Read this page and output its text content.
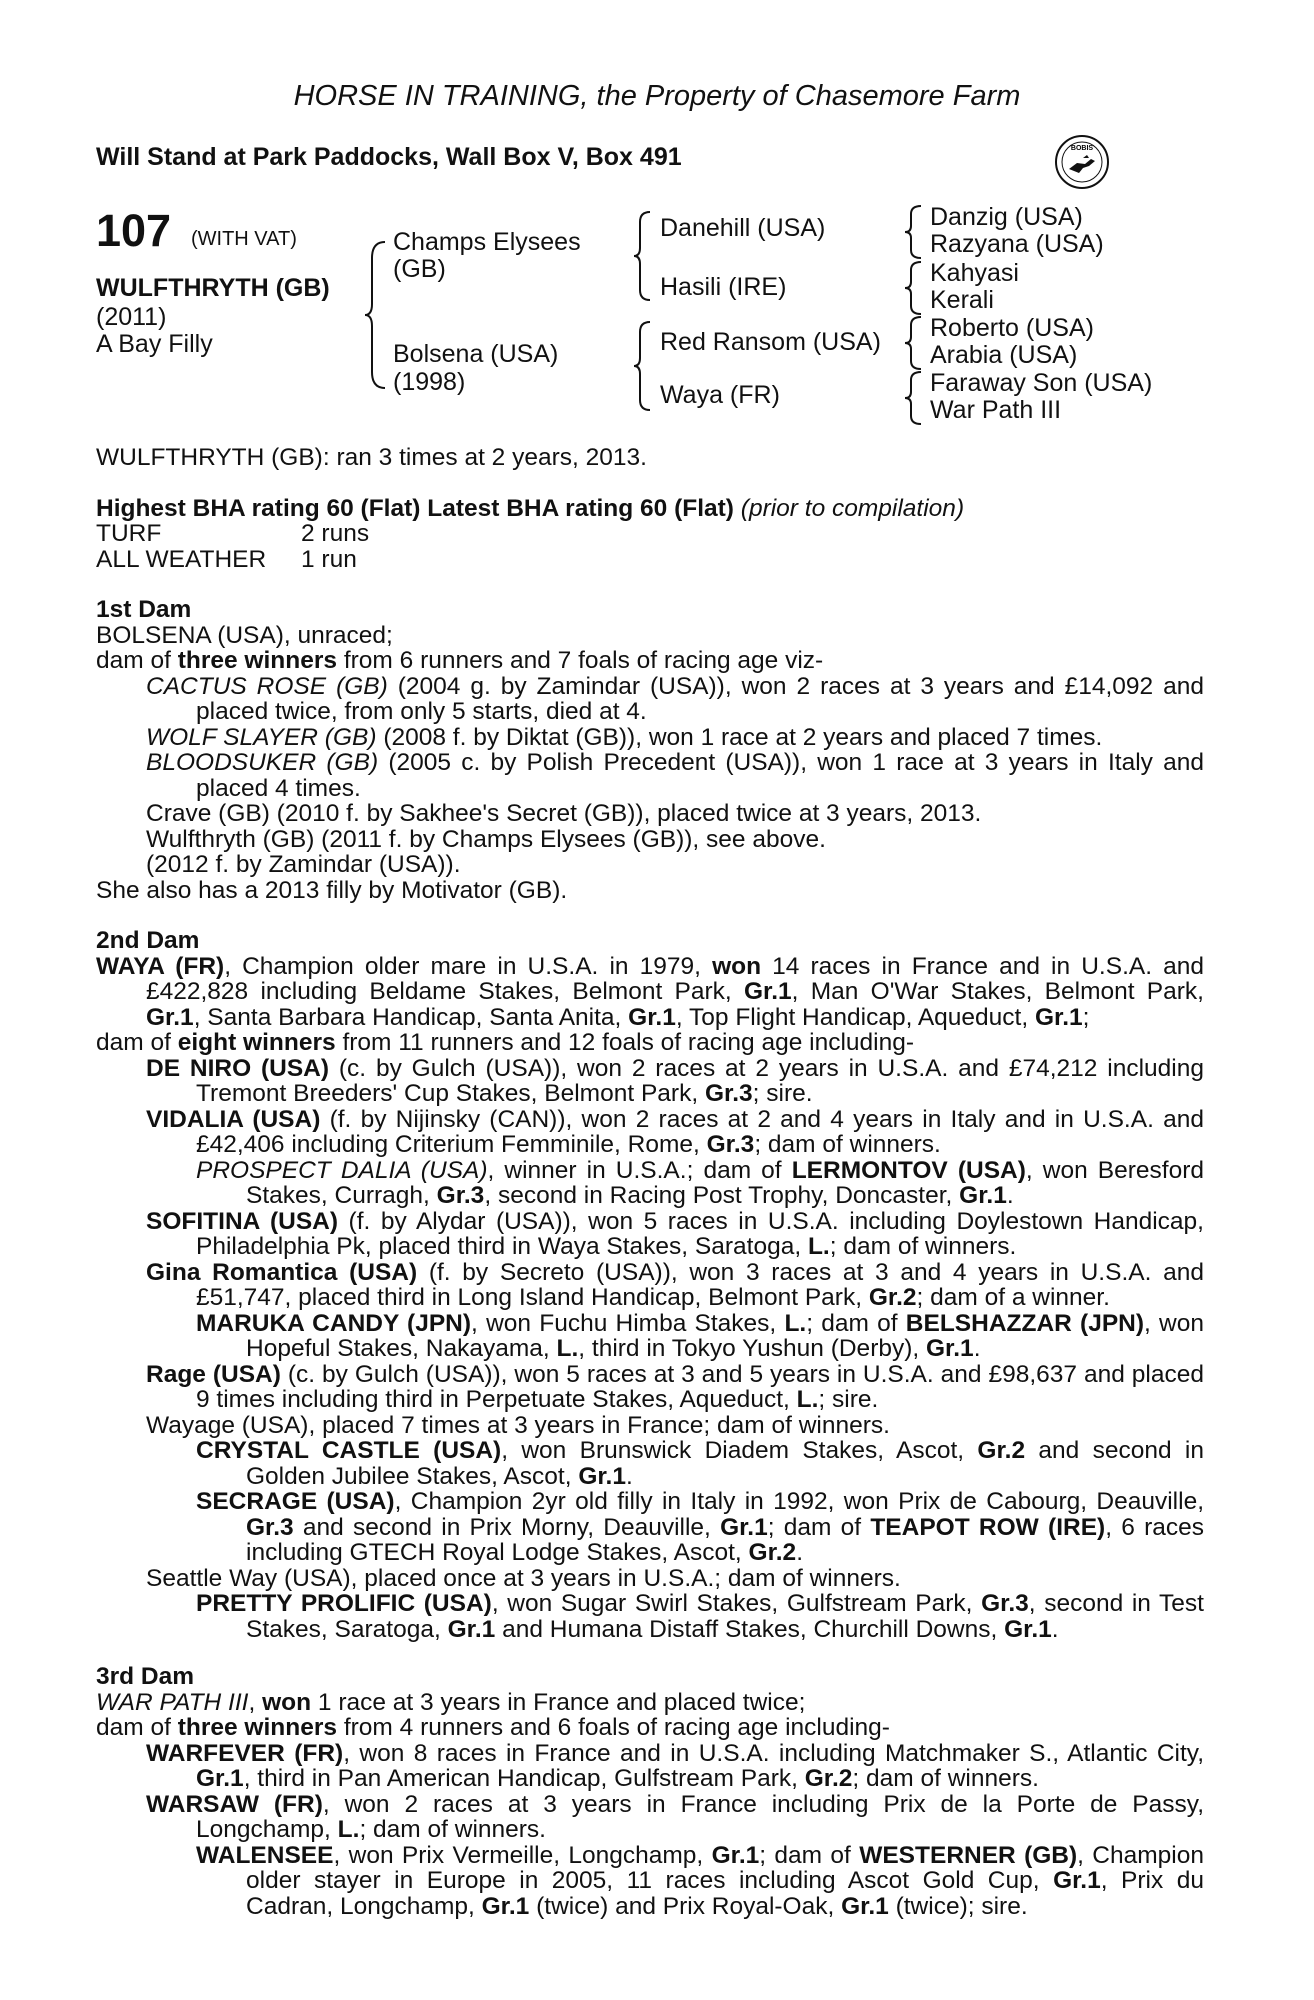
HORSE IN TRAINING, the Property of Chasemore Farm
Will Stand at Park Paddocks, Wall Box V, Box 491	BOBIS
107 (WITH VAT)
WULFTHRYTH (GB)
(2011)
A Bay Filly
Champs Elysees
(GB)
Bolsena (USA)
(1998)
Danehill (USA)
Hasili (IRE)
Red Ransom (USA)
Waya (FR)
Danzig (USA)
Razyana (USA)
Kahyasi
Kerali
Roberto (USA)
Arabia (USA)
Faraway Son (USA)
War Path III

WULFTHRYTH (GB): ran 3 times at 2 years, 2013.

Highest BHA rating 60 (Flat) Latest BHA rating 60 (Flat) (prior to compilation)

TURF	2 runs

ALL WEATHER 1 run

1st Dam

BOLSENA (USA), unraced;

dam of three winners from 6 runners and 7 foals of racing age viz-

CACTUS ROSE (GB) (2004 g. by Zamindar (USA)), won 2 races at 3 years and £14,092 and placed twice, from only 5 starts, died at 4.

WOLF SLAYER (GB) (2008 f. by Diktat (GB)), won 1 race at 2 years and placed 7 times.

BLOODSUKER (GB) (2005 c. by Polish Precedent (USA)), won 1 race at 3 years in Italy and placed 4 times.

Crave (GB) (2010 f. by Sakhee's Secret (GB)), placed twice at 3 years, 2013.

Wulfthryth (GB) (2011 f. by Champs Elysees (GB)), see above.

(2012 f. by Zamindar (USA)).

She also has a 2013 filly by Motivator (GB).

2nd Dam

WAYA (FR), Champion older mare in U.S.A. in 1979, won 14 races in France and in U.S.A. and £422,828 including Beldame Stakes, Belmont Park, Gr.1, Man O'War Stakes, Belmont Park, Gr.1, Santa Barbara Handicap, Santa Anita, Gr.1, Top Flight Handicap, Aqueduct, Gr.1;

dam of eight winners from 11 runners and 12 foals of racing age including-

DE NIRO (USA) (c. by Gulch (USA)), won 2 races at 2 years in U.S.A. and £74,212 including Tremont Breeders' Cup Stakes, Belmont Park, Gr.3; sire.

VIDALIA (USA) (f. by Nijinsky (CAN)), won 2 races at 2 and 4 years in Italy and in U.S.A. and £42,406 including Criterium Femminile, Rome, Gr.3; dam of winners.

PROSPECT DALIA (USA), winner in U.S.A.; dam of LERMONTOV (USA), won Beresford Stakes, Curragh, Gr.3, second in Racing Post Trophy, Doncaster, Gr.1.

SOFITINA (USA) (f. by Alydar (USA)), won 5 races in U.S.A. including Doylestown Handicap, Philadelphia Pk, placed third in Waya Stakes, Saratoga, L.; dam of winners.

Gina Romantica (USA) (f. by Secreto (USA)), won 3 races at 3 and 4 years in U.S.A. and £51,747, placed third in Long Island Handicap, Belmont Park, Gr.2; dam of a winner.

MARUKA CANDY (JPN), won Fuchu Himba Stakes, L.; dam of BELSHAZZAR (JPN), won Hopeful Stakes, Nakayama, L., third in Tokyo Yushun (Derby), Gr.1.

Rage (USA) (c. by Gulch (USA)), won 5 races at 3 and 5 years in U.S.A. and £98,637 and placed 9 times including third in Perpetuate Stakes, Aqueduct, L.; sire.

Wayage (USA), placed 7 times at 3 years in France; dam of winners.

CRYSTAL CASTLE (USA), won Brunswick Diadem Stakes, Ascot, Gr.2 and second in Golden Jubilee Stakes, Ascot, Gr.1.

SECRAGE (USA), Champion 2yr old filly in Italy in 1992, won Prix de Cabourg, Deauville, Gr.3 and second in Prix Morny, Deauville, Gr.1; dam of TEAPOT ROW (IRE), 6 races including GTECH Royal Lodge Stakes, Ascot, Gr.2.

Seattle Way (USA), placed once at 3 years in U.S.A.; dam of winners.

PRETTY PROLIFIC (USA), won Sugar Swirl Stakes, Gulfstream Park, Gr.3, second in Test Stakes, Saratoga, Gr.1 and Humana Distaff Stakes, Churchill Downs, Gr.1.

3rd Dam

WAR PATH III, won 1 race at 3 years in France and placed twice;

dam of three winners from 4 runners and 6 foals of racing age including-

WARFEVER (FR), won 8 races in France and in U.S.A. including Matchmaker S., Atlantic City, Gr.1, third in Pan American Handicap, Gulfstream Park, Gr.2; dam of winners.

WARSAW (FR), won 2 races at 3 years in France including Prix de la Porte de Passy, Longchamp, L.; dam of winners.

WALENSEE, won Prix Vermeille, Longchamp, Gr.1; dam of WESTERNER (GB), Champion older stayer in Europe in 2005, 11 races including Ascot Gold Cup, Gr.1, Prix du Cadran, Longchamp, Gr.1 (twice) and Prix Royal-Oak, Gr.1 (twice); sire.
